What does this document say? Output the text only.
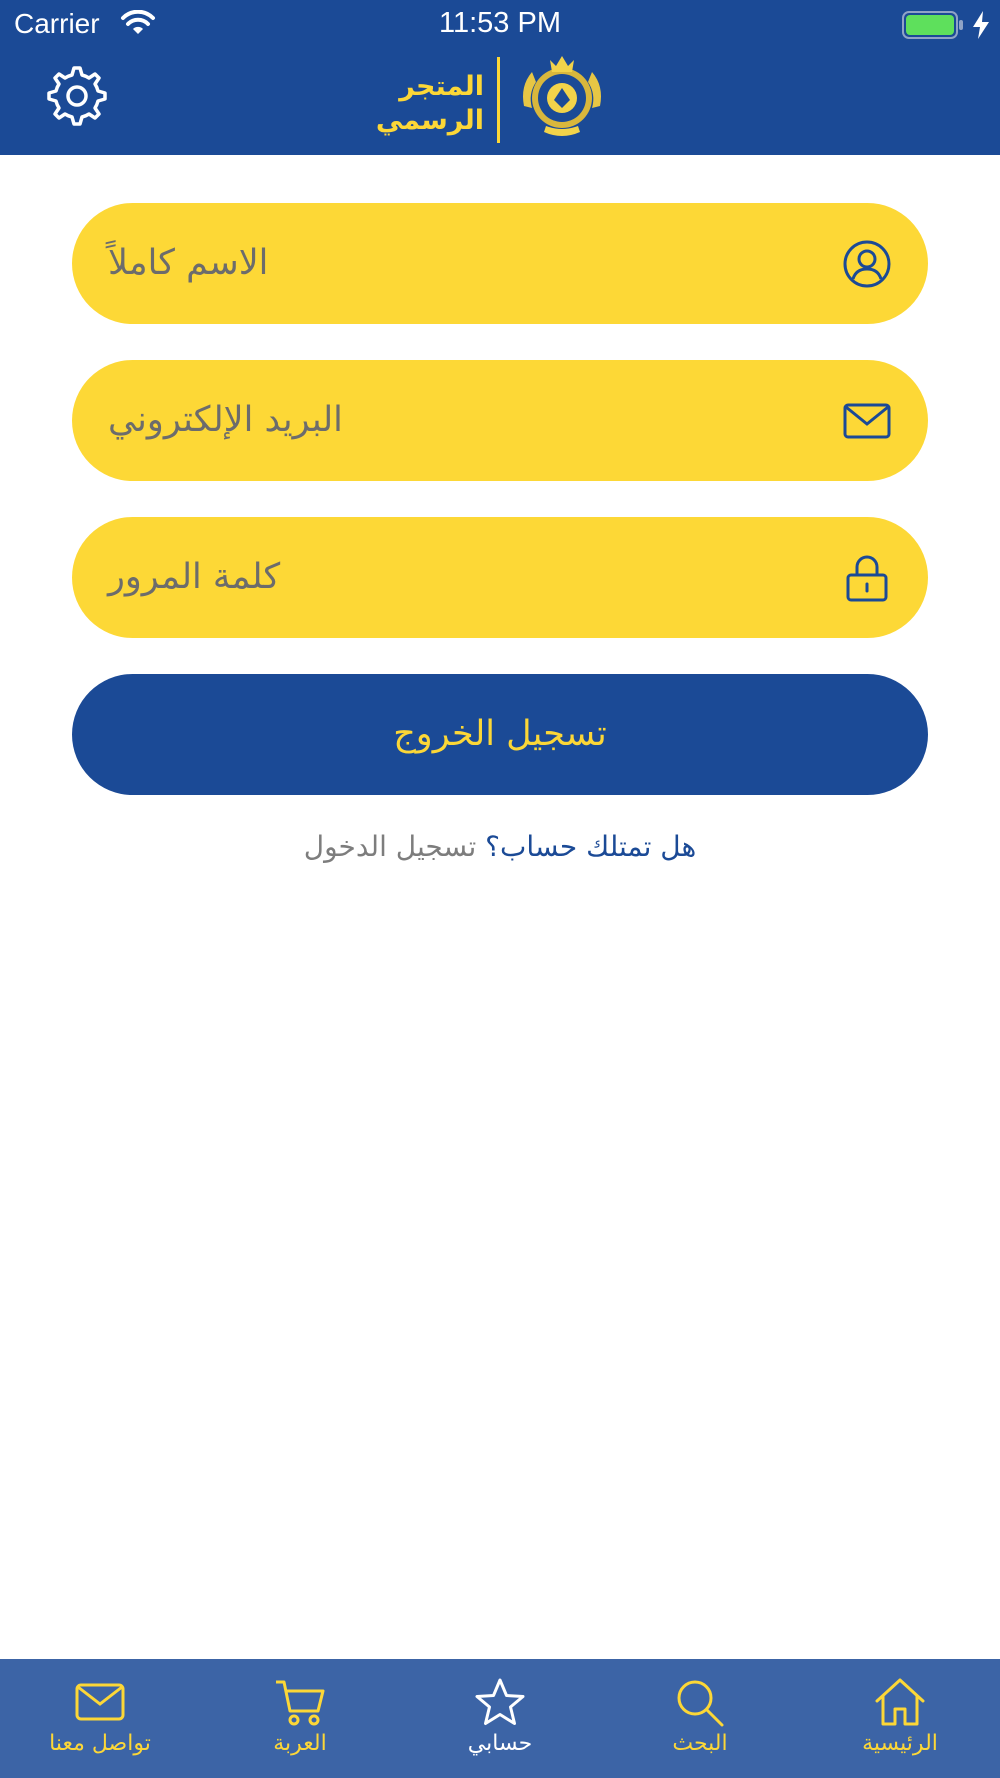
Carrier	11:53 PM
المتجر
الرسمي
الاسم كاملاً
البريد الإلكتروني
كلمة المرور
تسجيل الخروج
هل تمتلك حساب؟ تسجيل الدخول
تواصل معنا	العربة	حسابي	البحث	الرئيسية
